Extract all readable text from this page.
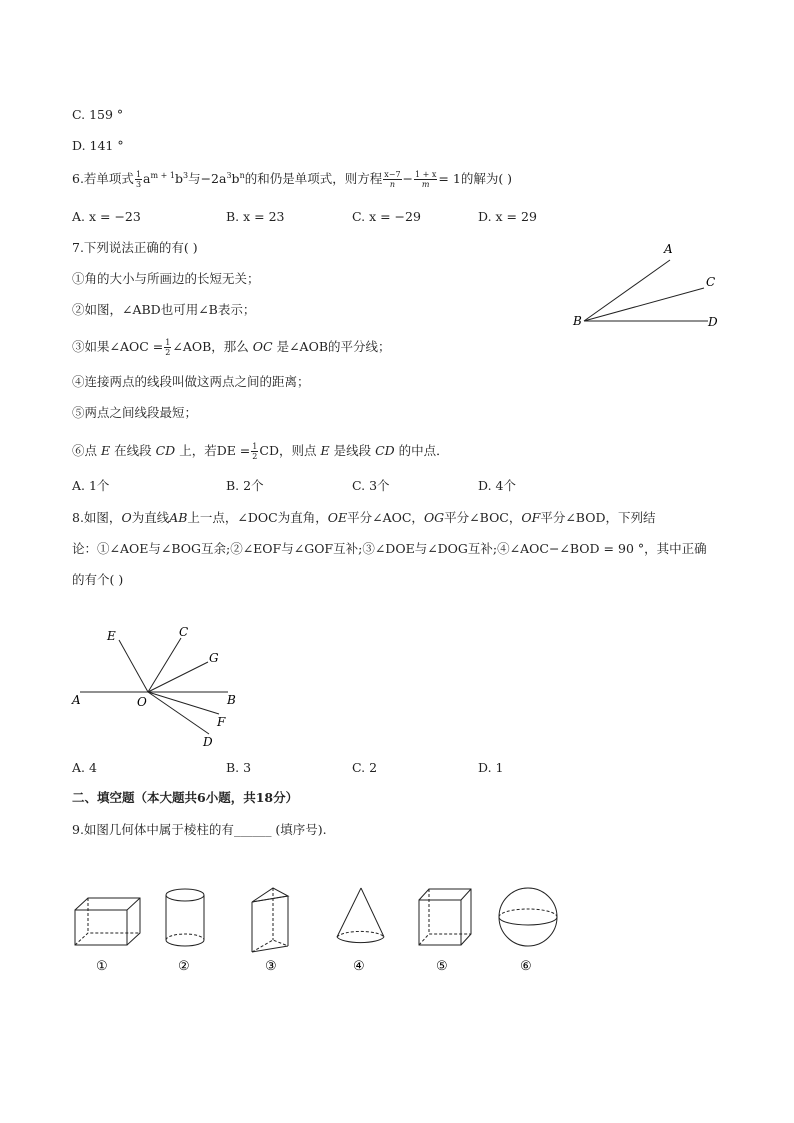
C. 159 °
D. 141 °
6.若单项式 $\frac{1}{3} a^{m + 1}b^3$与$-2a^3b^n$的和仍是单项式，则方程 $\frac{x-7}{n} - \frac{1 + x}{m} = 1$的解为( )
A. x = −23	B. x = 23	C. x = −29	D. x = 29
7.下列说法正确的有( )
①角的大小与所画边的长短无关；
②如图，∠ABD也可用∠B表示；
③如果∠AOC = $\frac{1}{2}$ ∠AOB，那么 OC 是∠AOB的平分线；
④连接两点的线段叫做这两点之间的距离；
⑤两点之间线段最短；
⑥点 E 在线段 CD 上，若DE = $\frac{1}{2}$ CD，则点 E 是线段 CD 的中点．
A. 1个	B. 2个	C. 3个	D. 4个
A
C
B	D
8.如图，O为直线AB上一点，∠DOC为直角，OE平分∠AOC，OG平分∠BOC，OF平分∠BOD，下列结
论：①∠AOE与∠BOG互余;②∠EOF与∠GOF互补;③∠DOE与∠DOG互补;④∠AOC−∠BOD = 90 °，其中正确
的有个( )
E	C
G
A	O	B
F
D
A. 4	B. 3	C. 2	D. 1
二、填空题（本大题共6小题，共18分）
9.如图几何体中属于棱柱的有______ (填序号).
①	②	③	④	⑤	⑥
